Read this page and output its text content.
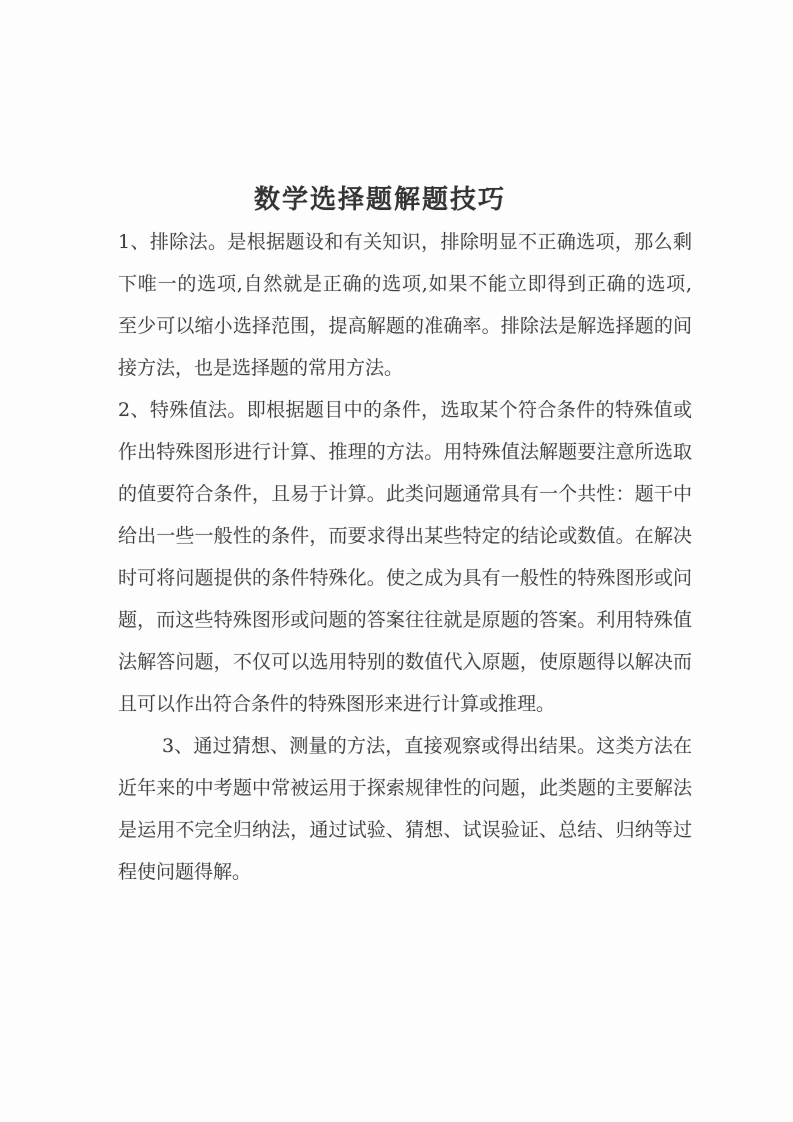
数学选择题解题技巧
1、排除法。是根据题设和有关知识，排除明显不正确选项，那么剩
下唯一的选项,自然就是正确的选项,如果不能立即得到正确的选项,
至少可以缩小选择范围，提高解题的准确率。排除法是解选择题的间
接方法，也是选择题的常用方法。
2、特殊值法。即根据题目中的条件，选取某个符合条件的特殊值或
作出特殊图形进行计算、推理的方法。用特殊值法解题要注意所选取
的值要符合条件，且易于计算。此类问题通常具有一个共性：题干中
给出一些一般性的条件，而要求得出某些特定的结论或数值。在解决
时可将问题提供的条件特殊化。使之成为具有一般性的特殊图形或问
题，而这些特殊图形或问题的答案往往就是原题的答案。利用特殊值
法解答问题，不仅可以选用特别的数值代入原题，使原题得以解决而
且可以作出符合条件的特殊图形来进行计算或推理。
3、通过猜想、测量的方法，直接观察或得出结果。这类方法在
近年来的中考题中常被运用于探索规律性的问题，此类题的主要解法
是运用不完全归纳法，通过试验、猜想、试误验证、总结、归纳等过
程使问题得解。
